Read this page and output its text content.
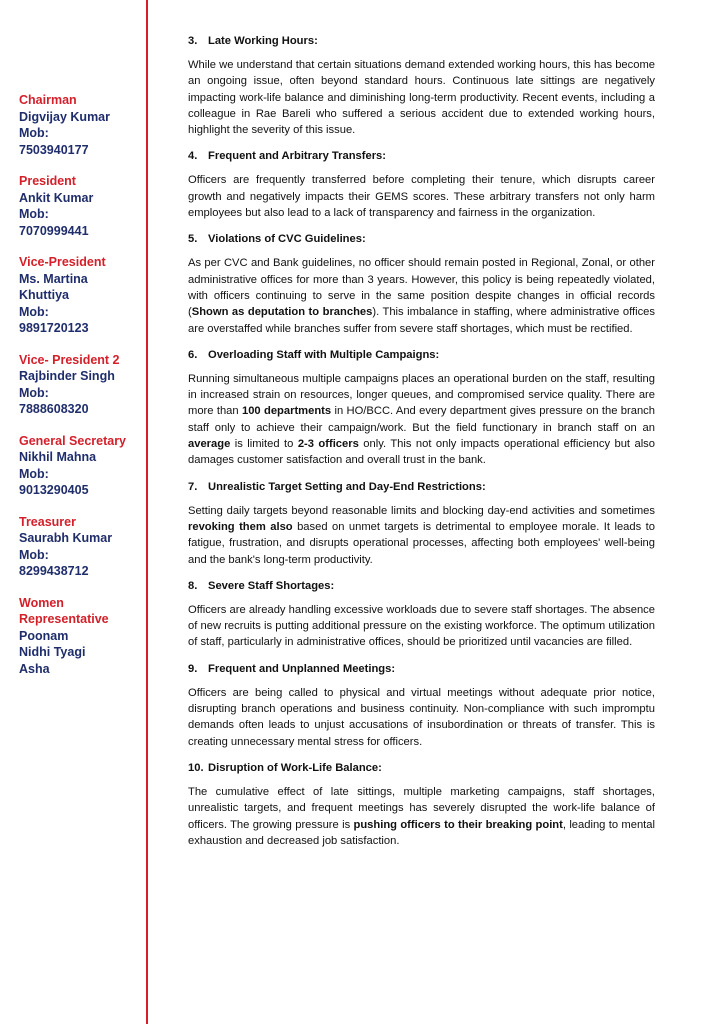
Chairman
Digvijay Kumar
Mob:
7503940177
President
Ankit Kumar
Mob:
7070999441
Vice-President
Ms. Martina
Khuttiya
Mob:
9891720123
Vice- President 2
Rajbinder Singh
Mob:
7888608320
General Secretary
Nikhil Mahna
Mob:
9013290405
Treasurer
Saurabh Kumar
Mob:
8299438712
Women Representative
Poonam
Nidhi Tyagi
Asha
3. Late Working Hours:

While we understand that certain situations demand extended working hours, this has become an ongoing issue, often beyond standard hours. Continuous late sittings are negatively impacting work-life balance and diminishing long-term productivity. Recent events, including a colleague in Rae Bareli who suffered a serious accident due to extended working hours, highlight the severity of this issue.

4. Frequent and Arbitrary Transfers:

Officers are frequently transferred before completing their tenure, which disrupts career growth and negatively impacts their GEMS scores. These arbitrary transfers not only harm employees but also lead to a lack of transparency and fairness in the organization.

5. Violations of CVC Guidelines:

As per CVC and Bank guidelines, no officer should remain posted in Regional, Zonal, or other administrative offices for more than 3 years. However, this policy is being repeatedly violated, with officers continuing to serve in the same position despite changes in official records (Shown as deputation to branches). This imbalance in staffing, where administrative offices are overstaffed while branches suffer from severe staff shortages, which must be rectified.

6. Overloading Staff with Multiple Campaigns:

Running simultaneous multiple campaigns places an operational burden on the staff, resulting in increased strain on resources, longer queues, and compromised service quality. There are more than 100 departments in HO/BCC. And every department gives pressure on the branch staff only to achieve their campaign/work. But the field functionary in branch staff on an average is limited to 2-3 officers only. This not only impacts operational efficiency but also damages customer satisfaction and overall trust in the bank.

7. Unrealistic Target Setting and Day-End Restrictions:

Setting daily targets beyond reasonable limits and blocking day-end activities and sometimes revoking them also based on unmet targets is detrimental to employee morale. It leads to fatigue, frustration, and disrupts operational processes, affecting both employees' well-being and the bank's long-term productivity.

8. Severe Staff Shortages:

Officers are already handling excessive workloads due to severe staff shortages. The absence of new recruits is putting additional pressure on the existing workforce. The optimum utilization of staff, particularly in administrative offices, should be prioritized until vacancies are filled.

9. Frequent and Unplanned Meetings:

Officers are being called to physical and virtual meetings without adequate prior notice, disrupting branch operations and business continuity. Non-compliance with such impromptu demands often leads to unjust accusations of insubordination or threats of transfer. This is creating unnecessary mental stress for officers.

10. Disruption of Work-Life Balance:

The cumulative effect of late sittings, multiple marketing campaigns, staff shortages, unrealistic targets, and frequent meetings has severely disrupted the work-life balance of officers. The growing pressure is pushing officers to their breaking point, leading to mental exhaustion and decreased job satisfaction.
